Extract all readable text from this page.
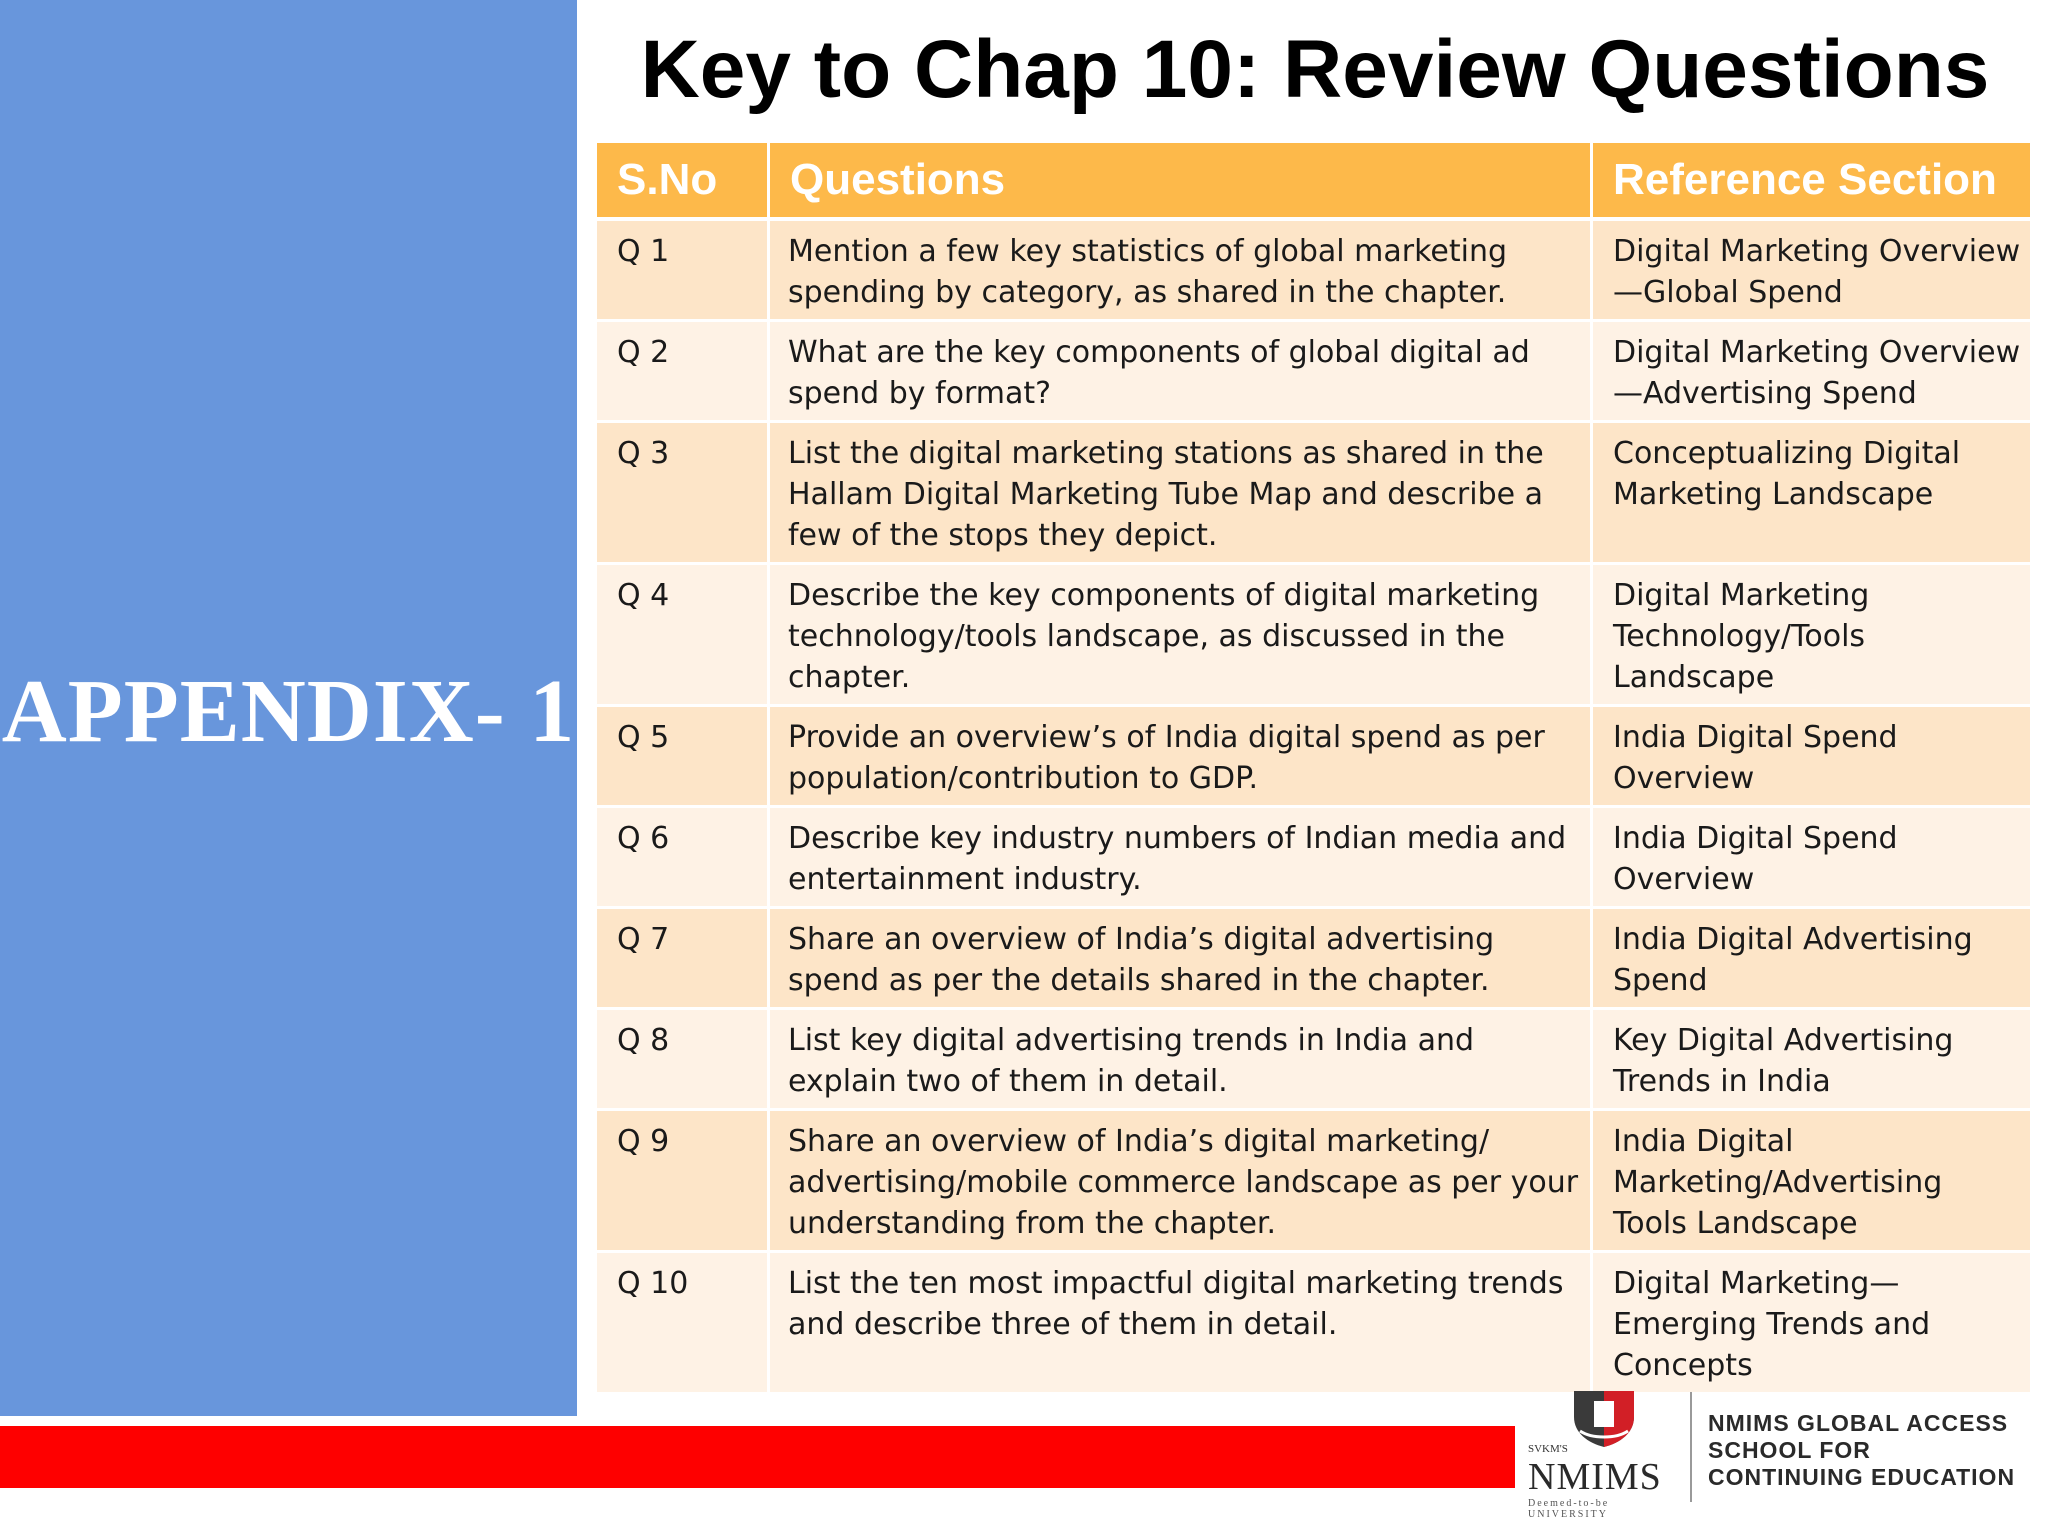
APPENDIX- 1
Key to Chap 10: Review Questions
S.No	Questions	Reference Section
Q 1	Mention a few key statistics of global marketing spending by category, as shared in the chapter.	Digital Marketing Overview—Global Spend
Q 2	What are the key components of global digital ad spend by format?	Digital Marketing Overview—Advertising Spend
Q 3	List the digital marketing stations as shared in the Hallam Digital Marketing Tube Map and describe a few of the stops they depict.	Conceptualizing Digital Marketing Landscape
Q 4	Describe the key components of digital marketing technology/tools landscape, as discussed in the chapter.	Digital Marketing Technology/Tools Landscape
Q 5	Provide an overview’s of India digital spend as per population/contribution to GDP.	India Digital Spend Overview
Q 6	Describe key industry numbers of Indian media and entertainment industry.	India Digital Spend Overview
Q 7	Share an overview of India’s digital advertising spend as per the details shared in the chapter.	India Digital Advertising Spend
Q 8	List key digital advertising trends in India and explain two of them in detail.	Key Digital Advertising Trends in India
Q 9	Share an overview of India’s digital marketing/ advertising/mobile commerce landscape as per your understanding from the chapter.	India Digital Marketing/Advertising Tools Landscape
Q 10	List the ten most impactful digital marketing trends and describe three of them in detail.	Digital Marketing—Emerging Trends and Concepts
SVKM'S
NMIMS
Deemed-to-be UNIVERSITY
NMIMS GLOBAL ACCESS
SCHOOL FOR
CONTINUING EDUCATION
